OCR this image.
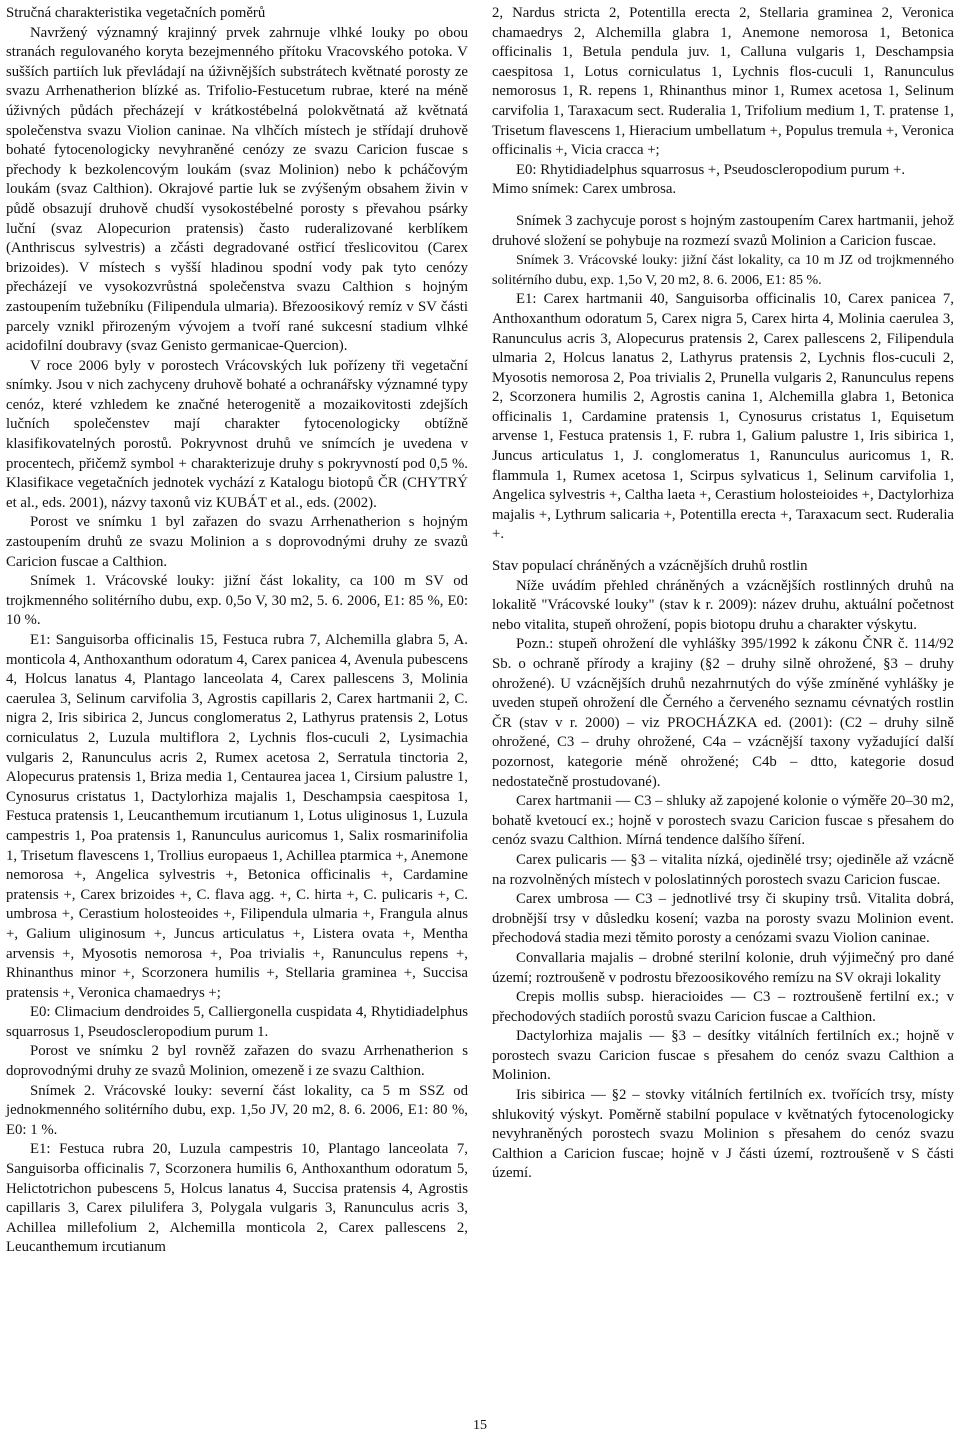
Stručná charakteristika vegetačních poměrů

Navržený významný krajinný prvek zahrnuje vlhké louky po obou stranách regulovaného koryta bezejmenného přítoku Vracovského potoka. V sušších partiích luk převládají na úživnějších substrátech květnaté porosty ze svazu Arrhenatherion blízké as. Trifolio-Festucetum rubrae, které na méně úživných půdách přecházejí v krátkostébelná polokvětnatá až květnatá společenstva svazu Violion caninae. Na vlhčích místech je střídají druhově bohaté fytocenologicky nevyhraněné cenózy ze svazu Caricion fuscae s přechody k bezkolencovým loukám (svaz Molinion) nebo k pcháčovým loukám (svaz Calthion). Okrajové partie luk se zvýšeným obsahem živin v půdě obsazují druhově chudší vysokostébelné porosty s převahou psárky luční (svaz Alopecurion pratensis) často ruderalizované kerblíkem (Anthriscus sylvestris) a zčásti degradované ostřicí třeslicovitou (Carex brizoides). V místech s vyšší hladinou spodní vody pak tyto cenózy přecházejí ve vysokozvrůstná společenstva svazu Calthion s hojným zastoupením tužebníku (Filipendula ulmaria). Březoosikový remíz v SV části parcely vznikl přirozeným vývojem a tvoří rané sukcesní stadium vlhké acidofilní doubravy (svaz Genisto germanicae-Quercion).

V roce 2006 byly v porostech Vrácovských luk pořízeny tři vegetační snímky. Jsou v nich zachyceny druhově bohaté a ochranářsky významné typy cenóz, které vzhledem ke značné heterogenitě a mozaikovitosti zdejších lučních společenstev mají charakter fytocenologicky obtížně klasifikovatelných porostů. Pokryvnost druhů ve snímcích je uvedena v procentech, přičemž symbol + charakterizuje druhy s pokryvností pod 0,5 %. Klasifikace vegetačních jednotek vychází z Katalogu biotopů ČR (CHYTRÝ et al., eds. 2001), názvy taxonů viz KUBÁT et al., eds. (2002).

Porost ve snímku 1 byl zařazen do svazu Arrhenatherion s hojným zastoupením druhů ze svazu Molinion a s doprovodnými druhy ze svazů Caricion fuscae a Calthion.

Snímek 1. Vrácovské louky: jižní část lokality, ca 100 m SV od trojkmenného solitérního dubu, exp. 0,5o V, 30 m2, 5. 6. 2006, E1: 85 %, E0: 10 %.

E1: Sanguisorba officinalis 15, Festuca rubra 7, Alchemilla glabra 5, A. monticola 4, Anthoxanthum odoratum 4, Carex panicea 4, Avenula pubescens 4, Holcus lanatus 4, Plantago lanceolata 4, Carex pallescens 3, Molinia caerulea 3, Selinum carvifolia 3, Agrostis capillaris 2, Carex hartmanii 2, C. nigra 2, Iris sibirica 2, Juncus conglomeratus 2, Lathyrus pratensis 2, Lotus corniculatus 2, Luzula multiflora 2, Lychnis flos-cuculi 2, Lysimachia vulgaris 2, Ranunculus acris 2, Rumex acetosa 2, Serratula tinctoria 2, Alopecurus pratensis 1, Briza media 1, Centaurea jacea 1, Cirsium palustre 1, Cynosurus cristatus 1, Dactylorhiza majalis 1, Deschampsia caespitosa 1, Festuca pratensis 1, Leucanthemum ircutianum 1, Lotus uliginosus 1, Luzula campestris 1, Poa pratensis 1, Ranunculus auricomus 1, Salix rosmarinifolia 1, Trisetum flavescens 1, Trollius europaeus 1, Achillea ptarmica +, Anemone nemorosa +, Angelica sylvestris +, Betonica officinalis +, Cardamine pratensis +, Carex brizoides +, C. flava agg. +, C. hirta +, C. pulicaris +, C. umbrosa +, Cerastium holosteoides +, Filipendula ulmaria +, Frangula alnus +, Galium uliginosum +, Juncus articulatus +, Listera ovata +, Mentha arvensis +, Myosotis nemorosa +, Poa trivialis +, Ranunculus repens +, Rhinanthus minor +, Scorzonera humilis +, Stellaria graminea +, Succisa pratensis +, Veronica chamaedrys +;

E0: Climacium dendroides 5, Calliergonella cuspidata 4, Rhytidiadelphus squarrosus 1, Pseudoscleropodium purum 1.

Porost ve snímku 2 byl rovněž zařazen do svazu Arrhenatherion s doprovodnými druhy ze svazů Molinion, omezeně i ze svazu Calthion.

Snímek 2. Vrácovské louky: severní část lokality, ca 5 m SSZ od jednokmenného solitérního dubu, exp. 1,5o JV, 20 m2, 8. 6. 2006, E1: 80 %, E0: 1 %.

E1: Festuca rubra 20, Luzula campestris 10, Plantago lanceolata 7, Sanguisorba officinalis 7, Scorzonera humilis 6, Anthoxanthum odoratum 5, Helictotrichon pubescens 5, Holcus lanatus 4, Succisa pratensis 4, Agrostis capillaris 3, Carex pilulifera 3, Polygala vulgaris 3, Ranunculus acris 3, Achillea millefolium 2, Alchemilla monticola 2, Carex pallescens 2, Leucanthemum ircutianum

2, Nardus stricta 2, Potentilla erecta 2, Stellaria graminea 2, Veronica chamaedrys 2, Alchemilla glabra 1, Anemone nemorosa 1, Betonica officinalis 1, Betula pendula juv. 1, Calluna vulgaris 1, Deschampsia caespitosa 1, Lotus corniculatus 1, Lychnis flos-cuculi 1, Ranunculus nemorosus 1, R. repens 1, Rhinanthus minor 1, Rumex acetosa 1, Selinum carvifolia 1, Taraxacum sect. Ruderalia 1, Trifolium medium 1, T. pratense 1, Trisetum flavescens 1, Hieracium umbellatum +, Populus tremula +, Veronica officinalis +, Vicia cracca +;

E0: Rhytidiadelphus squarrosus +, Pseudoscleropodium purum +.

Mimo snímek: Carex umbrosa.

Snímek 3 zachycuje porost s hojným zastoupením Carex hartmanii, jehož druhové složení se pohybuje na rozmezí svazů Molinion a Caricion fuscae.

Snímek 3. Vrácovské louky: jižní část lokality, ca 10 m JZ od trojkmenného solitérního dubu, exp. 1,5o V, 20 m2, 8. 6. 2006, E1: 85 %.

E1: Carex hartmanii 40, Sanguisorba officinalis 10, Carex panicea 7, Anthoxanthum odoratum 5, Carex nigra 5, Carex hirta 4, Molinia caerulea 3, Ranunculus acris 3, Alopecurus pratensis 2, Carex pallescens 2, Filipendula ulmaria 2, Holcus lanatus 2, Lathyrus pratensis 2, Lychnis flos-cuculi 2, Myosotis nemorosa 2, Poa trivialis 2, Prunella vulgaris 2, Ranunculus repens 2, Scorzonera humilis 2, Agrostis canina 1, Alchemilla glabra 1, Betonica officinalis 1, Cardamine pratensis 1, Cynosurus cristatus 1, Equisetum arvense 1, Festuca pratensis 1, F. rubra 1, Galium palustre 1, Iris sibirica 1, Juncus articulatus 1, J. conglomeratus 1, Ranunculus auricomus 1, R. flammula 1, Rumex acetosa 1, Scirpus sylvaticus 1, Selinum carvifolia 1, Angelica sylvestris +, Caltha laeta +, Cerastium holosteioides +, Dactylorhiza majalis +, Lythrum salicaria +, Potentilla erecta +, Taraxacum sect. Ruderalia +.

Stav populací chráněných a vzácnějších druhů rostlin

Níže uvádím přehled chráněných a vzácnějších rostlinných druhů na lokalitě "Vrácovské louky" (stav k r. 2009): název druhu, aktuální početnost nebo vitalita, stupeň ohrožení, popis biotopu druhu a charakter výskytu.

Pozn.: stupeň ohrožení dle vyhlášky 395/1992 k zákonu ČNR č. 114/92 Sb. o ochraně přírody a krajiny (§2 – druhy silně ohrožené, §3 – druhy ohrožené). U vzácnějších druhů nezahrnutých do výše zmíněné vyhlášky je uveden stupeň ohrožení dle Černého a červeného seznamu cévnatých rostlin ČR (stav v r. 2000) – viz PROCHÁZKA ed. (2001): (C2 – druhy silně ohrožené, C3 – druhy ohrožené, C4a – vzácnější taxony vyžadující další pozornost, kategorie méně ohrožené; C4b – dtto, kategorie dosud nedostatečně prostudované).

Carex hartmanii — C3 – shluky až zapojené kolonie o výměře 20–30 m2, bohatě kvetoucí ex.; hojně v porostech svazu Caricion fuscae s přesahem do cenóz svazu Calthion. Mírná tendence dalšího šíření.

Carex pulicaris — §3 – vitalita nízká, ojedinělé trsy; ojediněle až vzácně na rozvolněných místech v poloslatinných porostech svazu Caricion fuscae.

Carex umbrosa — C3 – jednotlivé trsy či skupiny trsů. Vitalita dobrá, drobnější trsy v důsledku kosení; vazba na porosty svazu Molinion event. přechodová stadia mezi těmito porosty a cenózami svazu Violion caninae.

Convallaria majalis – drobné sterilní kolonie, druh výjimečný pro dané území; roztroušeně v podrostu březoosikového remízu na SV okraji lokality

Crepis mollis subsp. hieracioides — C3 – roztroušeně fertilní ex.; v přechodových stadiích porostů svazu Caricion fuscae a Calthion.

Dactylorhiza majalis — §3 – desítky vitálních fertilních ex.; hojně v porostech svazu Caricion fuscae s přesahem do cenóz svazu Calthion a Molinion.

Iris sibirica — §2 – stovky vitálních fertilních ex. tvořících trsy, místy shlukovitý výskyt. Poměrně stabilní populace v květnatých fytocenologicky nevyhraněných porostech svazu Molinion s přesahem do cenóz svazu Calthion a Caricion fuscae; hojně v J části území, roztroušeně v S části území.

15
